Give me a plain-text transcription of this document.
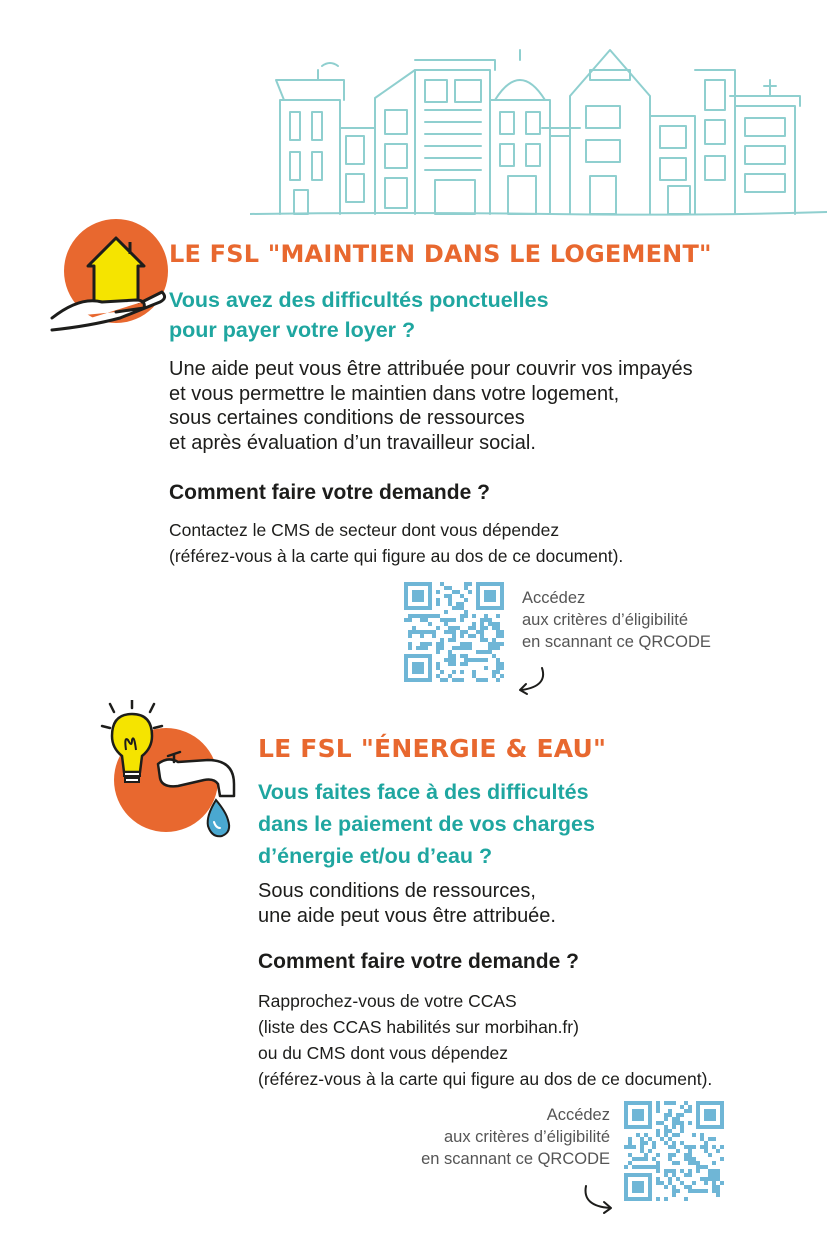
LE FSL "MAINTIEN DANS LE LOGEMENT"
Vous avez des difficultés ponctuelles
pour payer votre loyer ?
Une aide peut vous être attribuée pour couvrir vos impayés
et vous permettre le maintien dans votre logement,
sous certaines conditions de ressources
et après évaluation d’un travailleur social.
Comment faire votre demande ?
Contactez le CMS de secteur dont vous dépendez
(référez-vous à la carte qui figure au dos de ce document).
Accédez
aux critères d’éligibilité
en scannant ce QRCODE
LE FSL "ÉNERGIE & EAU"
Vous faites face à des difficultés
dans le paiement de vos charges
d’énergie et/ou d’eau ?
Sous conditions de ressources,
une aide peut vous être attribuée.
Comment faire votre demande ?
Rapprochez-vous de votre CCAS
(liste des CCAS habilités sur morbihan.fr)
ou du CMS dont vous dépendez
(référez-vous à la carte qui figure au dos de ce document).
Accédez
aux critères d’éligibilité
en scannant ce QRCODE
